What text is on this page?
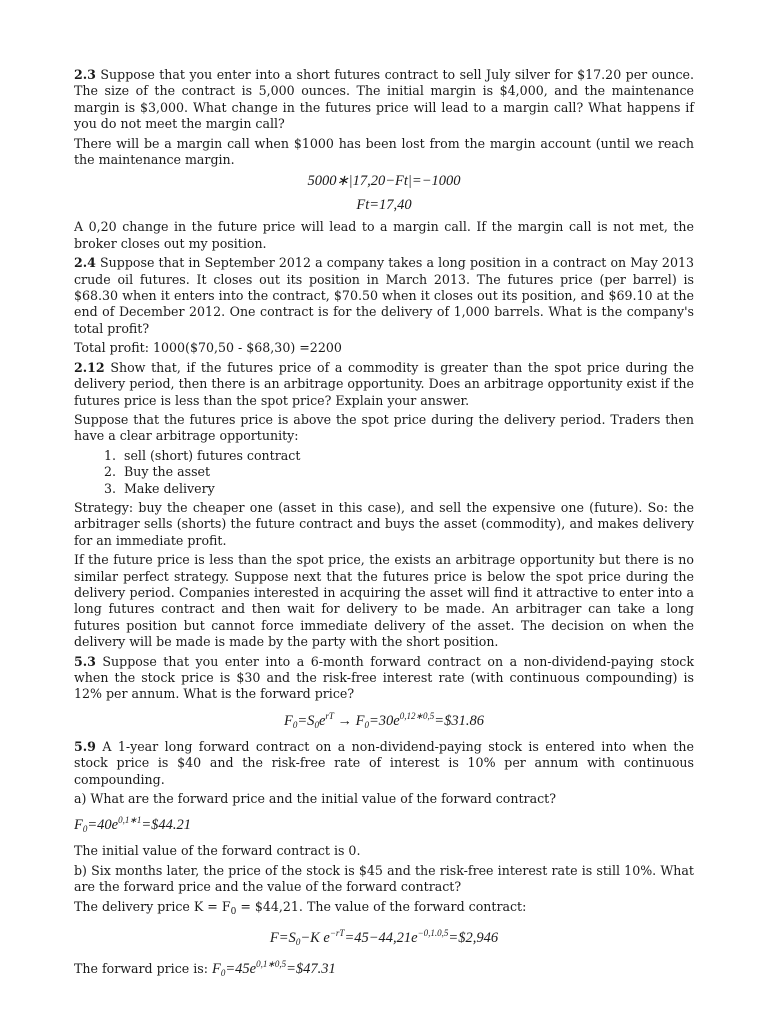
2.3 Suppose that you enter into a short futures contract to sell July silver for $17.20 per ounce. The size of the contract is 5,000 ounces. The initial margin is $4,000, and the maintenance margin is $3,000. What change in the futures price will lead to a margin call? What happens if you do not meet the margin call?

There will be a margin call when $1000 has been lost from the margin account (until we reach the maintenance margin.

5000∗|17,20−Ft|=−1000
Ft=17,40

A 0,20 change in the future price will lead to a margin call. If the margin call is not met, the broker closes out my position.

2.4 Suppose that in September 2012 a company takes a long position in a contract on May 2013 crude oil futures. It closes out its position in March 2013. The futures price (per barrel) is $68.30 when it enters into the contract, $70.50 when it closes out its position, and $69.10 at the end of December 2012. One contract is for the delivery of 1,000 barrels. What is the company's total profit?

Total profit: 1000($70,50 - $68,30) =2200

2.12 Show that, if the futures price of a commodity is greater than the spot price during the delivery period, then there is an arbitrage opportunity. Does an arbitrage opportunity exist if the futures price is less than the spot price? Explain your answer.

Suppose that the futures price is above the spot price during the delivery period. Traders then have a clear arbitrage opportunity:

1. sell (short) futures contract
2. Buy the asset
3. Make delivery

Strategy: buy the cheaper one (asset in this case), and sell the expensive one (future). So: the arbitrager sells (shorts) the future contract and buys the asset (commodity), and makes delivery for an immediate profit.

If the future price is less than the spot price, the exists an arbitrage opportunity but there is no similar perfect strategy. Suppose next that the futures price is below the spot price during the delivery period. Companies interested in acquiring the asset will find it attractive to enter into a long futures contract and then wait for delivery to be made. An arbitrager can take a long futures position but cannot force immediate delivery of the asset. The decision on when the delivery will be made is made by the party with the short position.

5.3 Suppose that you enter into a 6-month forward contract on a non-dividend-paying stock when the stock price is $30 and the risk-free interest rate (with continuous compounding) is 12% per annum. What is the forward price?

$F_0=S_0e^{rT}$ → $F_0=30e^{0,12∗0,5}=\$31.86$

5.9 A 1-year long forward contract on a non-dividend-paying stock is entered into when the stock price is $40 and the risk-free rate of interest is 10% per annum with continuous compounding.

a) What are the forward price and the initial value of the forward contract?

$F_0=40e^{0,1∗1}=\$44.21$

The initial value of the forward contract is 0.

b) Six months later, the price of the stock is $45 and the risk-free interest rate is still 10%. What are the forward price and the value of the forward contract?

The delivery price $K = F_0$ = $44,21. The value of the forward contract:

$F=S_0-K$ $e^{-rT}=45-44,21e^{-0,1.0,5}=\$2,946$

The forward price is: $F_0=45e^{0,1∗0,5}=\$47.31$
